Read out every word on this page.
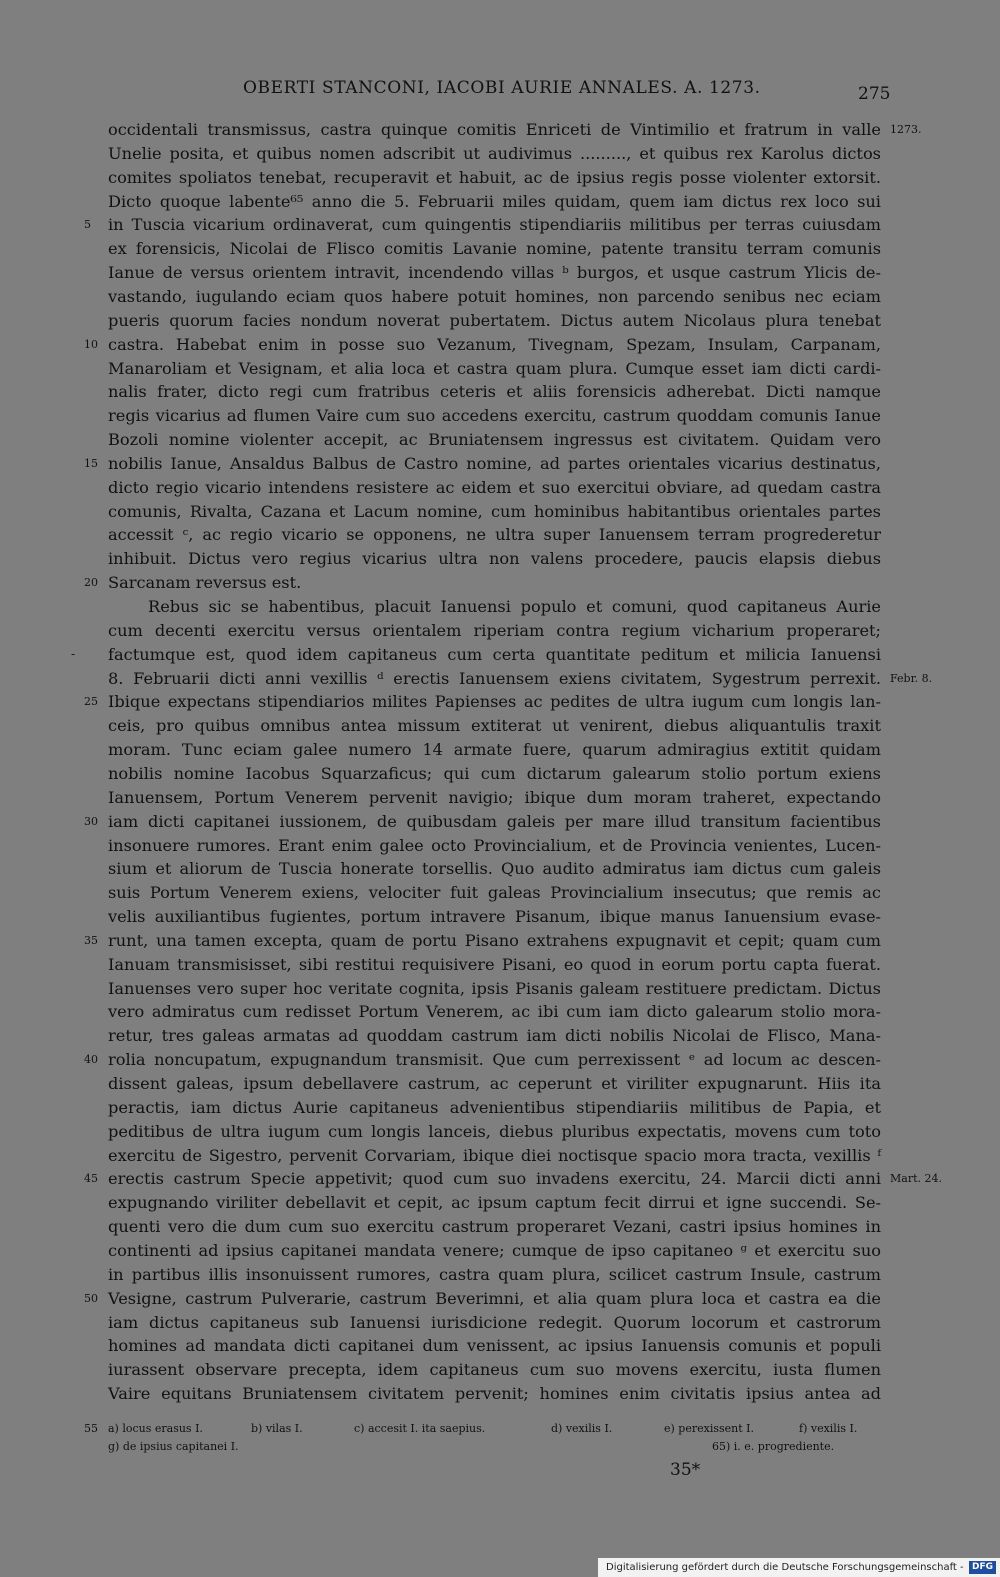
OBERTI STANCONI, IACOBI AURIE ANNALES. A. 1273.	275
occidentali transmissus, castra quinque comitis Enriceti de Vintimilio et fratrum in valle 1273.
Unelie posita, et quibus nomen adscribit ut audivimus ........., et quibus rex Karolus dictos
comites spoliatos tenebat, recuperavit et habuit, ac de ipsius regis posse violenter extorsit.
Dicto quoque labente⁶⁵ anno die 5. Februarii miles quidam, quem iam dictus rex loco sui
in Tuscia vicarium ordinaverat, cum quingentis stipendiariis militibus per terras cuiusdam
5
ex forensicis, Nicolai de Flisco comitis Lavanie nomine, patente transitu terram comunis
Ianue de versus orientem intravit, incendendo villas ᵇ burgos, et usque castrum Ylicis de-
vastando, iugulando eciam quos habere potuit homines, non parcendo senibus nec eciam
pueris quorum facies nondum noverat pubertatem. Dictus autem Nicolaus plura tenebat
castra. Habebat enim in posse suo Vezanum, Tivegnam, Spezam, Insulam, Carpanam,
10
Manaroliam et Vesignam, et alia loca et castra quam plura. Cumque esset iam dicti cardi-
nalis frater, dicto regi cum fratribus ceteris et aliis forensicis adherebat. Dicti namque
regis vicarius ad flumen Vaire cum suo accedens exercitu, castrum quoddam comunis Ianue
Bozoli nomine violenter accepit, ac Bruniatensem ingressus est civitatem. Quidam vero
nobilis Ianue, Ansaldus Balbus de Castro nomine, ad partes orientales vicarius destinatus,
15
dicto regio vicario intendens resistere ac eidem et suo exercitui obviare, ad quedam castra
comunis, Rivalta, Cazana et Lacum nomine, cum hominibus habitantibus orientales partes
accessit ᶜ, ac regio vicario se opponens, ne ultra super Ianuensem terram progrederetur
inhibuit. Dictus vero regius vicarius ultra non valens procedere, paucis elapsis diebus
Sarcanam reversus est.
20
Rebus sic se habentibus, placuit Ianuensi populo et comuni, quod capitaneus Aurie
cum decenti exercitu versus orientalem riperiam contra regium vicharium properaret;
factumque est, quod idem capitaneus cum certa quantitate peditum et milicia Ianuensi
-
8. Februarii dicti anni vexillis ᵈ erectis Ianuensem exiens civitatem, Sygestrum perrexit. Febr. 8.
Ibique expectans stipendiarios milites Papienses ac pedites de ultra iugum cum longis lan-
25
ceis, pro quibus omnibus antea missum extiterat ut venirent, diebus aliquantulis traxit
moram. Tunc eciam galee numero 14 armate fuere, quarum admiragius extitit quidam
nobilis nomine Iacobus Squarzaficus; qui cum dictarum galearum stolio portum exiens
Ianuensem, Portum Venerem pervenit navigio; ibique dum moram traheret, expectando
iam dicti capitanei iussionem, de quibusdam galeis per mare illud transitum facientibus
30
insonuere rumores. Erant enim galee octo Provincialium, et de Provincia venientes, Lucen-
sium et aliorum de Tuscia honerate torsellis. Quo audito admiratus iam dictus cum galeis
suis Portum Venerem exiens, velociter fuit galeas Provincialium insecutus; que remis ac
velis auxiliantibus fugientes, portum intravere Pisanum, ibique manus Ianuensium evase-
runt, una tamen excepta, quam de portu Pisano extrahens expugnavit et cepit; quam cum
35
Ianuam transmisisset, sibi restitui requisivere Pisani, eo quod in eorum portu capta fuerat.
Ianuenses vero super hoc veritate cognita, ipsis Pisanis galeam restituere predictam. Dictus
vero admiratus cum redisset Portum Venerem, ac ibi cum iam dicto galearum stolio mora-
retur, tres galeas armatas ad quoddam castrum iam dicti nobilis Nicolai de Flisco, Mana-
rolia noncupatum, expugnandum transmisit. Que cum perrexissent ᵉ ad locum ac descen-
40
dissent galeas, ipsum debellavere castrum, ac ceperunt et viriliter expugnarunt. Hiis ita
peractis, iam dictus Aurie capitaneus advenientibus stipendiariis militibus de Papia, et
peditibus de ultra iugum cum longis lanceis, diebus pluribus expectatis, movens cum toto
exercitu de Sigestro, pervenit Corvariam, ibique diei noctisque spacio mora tracta, vexillis ᶠ
erectis castrum Specie appetivit; quod cum suo invadens exercitu, 24. Marcii dicti anni
45	Mart. 24.
expugnando viriliter debellavit et cepit, ac ipsum captum fecit dirrui et igne succendi. Se-
quenti vero die dum cum suo exercitu castrum properaret Vezani, castri ipsius homines in
continenti ad ipsius capitanei mandata venere; cumque de ipso capitaneo ᵍ et exercitu suo
in partibus illis insonuissent rumores, castra quam plura, scilicet castrum Insule, castrum
Vesigne, castrum Pulverarie, castrum Beverimni, et alia quam plura loca et castra ea die
50
iam dictus capitaneus sub Ianuensi iurisdicione redegit. Quorum locorum et castrorum
homines ad mandata dicti capitanei dum venissent, ac ipsius Ianuensis comunis et populi
iurassent observare precepta, idem capitaneus cum suo movens exercitu, iusta flumen
Vaire equitans Bruniatensem civitatem pervenit; homines enim civitatis ipsius antea ad
55 a) locus erasus I.	b) vilas I.	c) accesit I. ita saepius.	d) vexilis I.	e) perexissent I.	f) vexilis I.
g) de ipsius capitanei I.	65) i. e. progrediente.
35*
Digitalisierung gefördert durch die Deutsche Forschungsgemeinschaft - DFG
